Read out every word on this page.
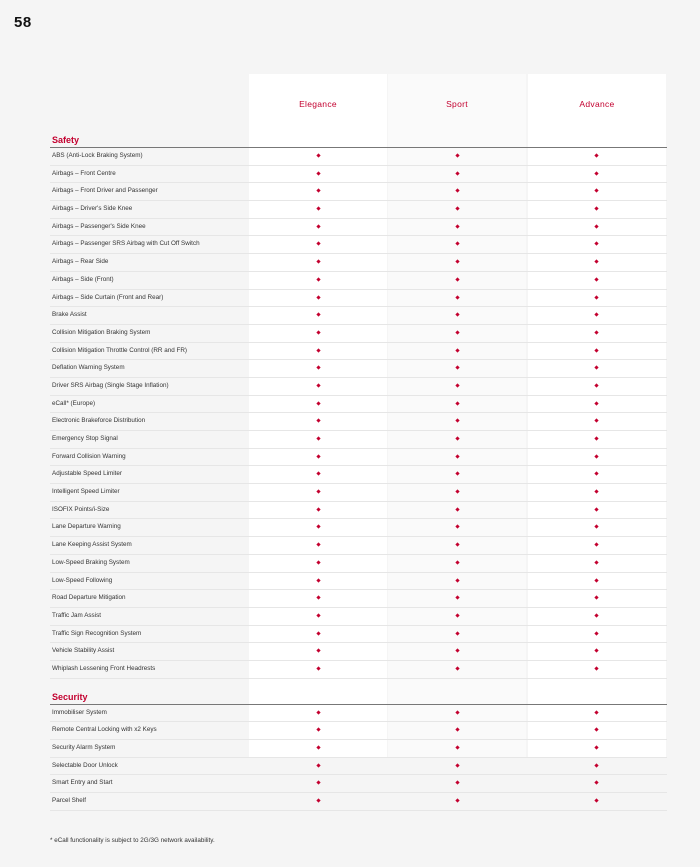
58
Elegance	Sport	Advance
Safety
ABS (Anti-Lock Braking System)
Airbags – Front Centre
Airbags – Front Driver and Passenger
Airbags – Driver's Side Knee
Airbags – Passenger's Side Knee
Airbags – Passenger SRS Airbag with Cut Off Switch
Airbags – Rear Side
Airbags – Side (Front)
Airbags – Side Curtain (Front and Rear)
Brake Assist
Collision Mitigation Braking System
Collision Mitigation Throttle Control (RR and FR)
Deflation Warning System
Driver SRS Airbag (Single Stage Inflation)
eCall* (Europe)
Electronic Brakeforce Distribution
Emergency Stop Signal
Forward Collision Warning
Adjustable Speed Limiter
Intelligent Speed Limiter
ISOFIX Points/i-Size
Lane Departure Warning
Lane Keeping Assist System
Low-Speed Braking System
Low-Speed Following
Road Departure Mitigation
Traffic Jam Assist
Traffic Sign Recognition System
Vehicle Stability Assist
Whiplash Lessening Front Headrests
Security
Immobiliser System
Remote Central Locking with x2 Keys
Security Alarm System
Selectable Door Unlock
Smart Entry and Start
Parcel Shelf
* eCall functionality is subject to 2G/3G network availability.
